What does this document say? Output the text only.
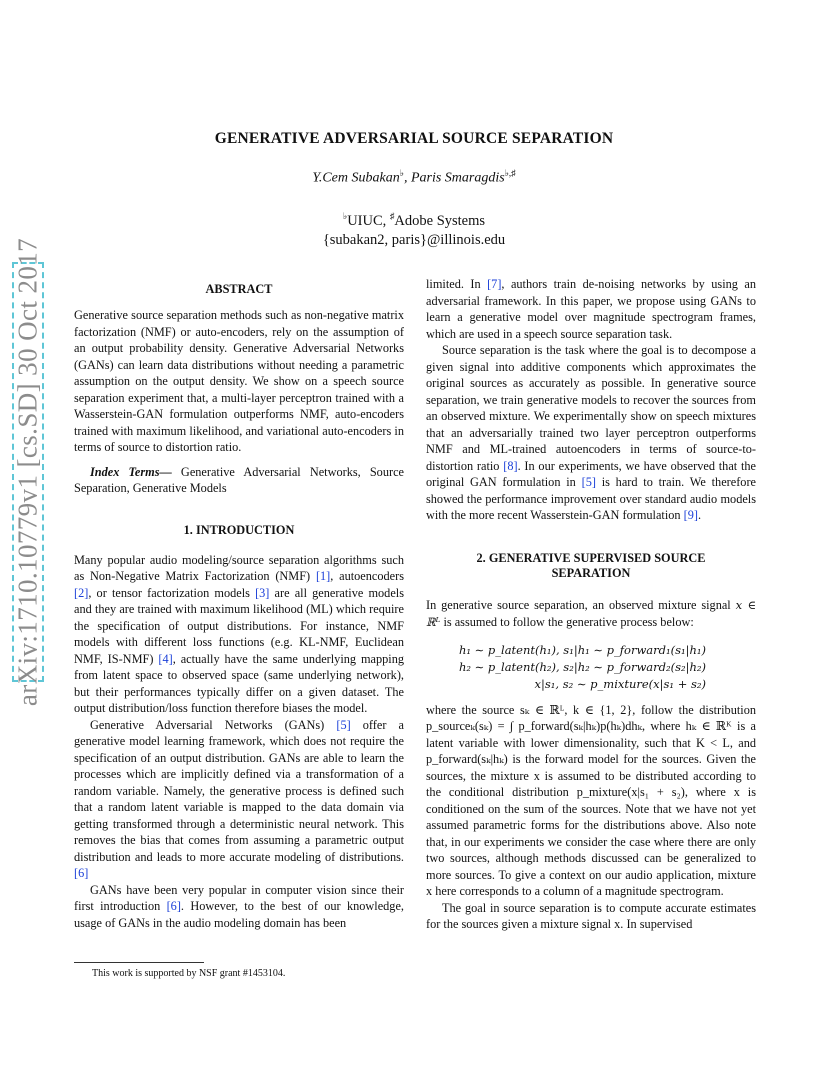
arXiv:1710.10779v1 [cs.SD] 30 Oct 2017
GENERATIVE ADVERSARIAL SOURCE SEPARATION
Y.Cem Subakan♭, Paris Smaragdis♭,♯
♭UIUC, ♯Adobe Systems
{subakan2, paris}@illinois.edu

ABSTRACT

Generative source separation methods such as non-negative matrix factorization (NMF) or auto-encoders, rely on the assumption of an output probability density. Generative Adversarial Networks (GANs) can learn data distributions without needing a parametric assumption on the output density. We show on a speech source separation experiment that, a multi-layer perceptron trained with a Wasserstein-GAN formulation outperforms NMF, auto-encoders trained with maximum likelihood, and variational auto-encoders in terms of source to distortion ratio.

Index Terms— Generative Adversarial Networks, Source Separation, Generative Models

1. INTRODUCTION

Many popular audio modeling/source separation algorithms such as Non-Negative Matrix Factorization (NMF) [1], autoencoders [2], or tensor factorization models [3] are all generative models and they are trained with maximum likelihood (ML) which require the specification of output distributions. For instance, NMF models with different loss functions (e.g. KL-NMF, Euclidean NMF, IS-NMF) [4], actually have the same underlying mapping from latent space to observed space (same underlying network), but their performances typically differ on a given dataset. The output distribution/loss function therefore biases the model.

Generative Adversarial Networks (GANs) [5] offer a generative model learning framework, which does not require the specification of an output distribution. GANs are able to learn the processes which are implicitly defined via a transformation of a random variable. Namely, the generative process is defined such that a random latent variable is mapped to the data domain via getting transformed through a deterministic neural network. This removes the bias that comes from assuming a parametric output distribution and leads to more accurate modeling of distributions. [6]

GANs have been very popular in computer vision since their first introduction [6]. However, to the best of our knowledge, usage of GANs in the audio modeling domain has been

This work is supported by NSF grant #1453104.

limited. In [7], authors train de-noising networks by using an adversarial framework. In this paper, we propose using GANs to learn a generative model over magnitude spectrogram frames, which are used in a speech source separation task.

Source separation is the task where the goal is to decompose a given signal into additive components which approximates the original sources as accurately as possible. In generative source separation, we train generative models to recover the sources from an observed mixture. We experimentally show on speech mixtures that an adversarially trained two layer perceptron outperforms NMF and ML-trained autoencoders in terms of source-to-distortion ratio [8]. In our experiments, we have observed that the original GAN formulation in [5] is hard to train. We therefore showed the performance improvement over standard audio models with the more recent Wasserstein-GAN formulation [9].

2. GENERATIVE SUPERVISED SOURCE

SEPARATION

In generative source separation, an observed mixture signal x ∈ ℝᴸ is assumed to follow the generative process below:

h₁ ∼ p_latent(h₁), s₁|h₁ ∼ p_forward₁(s₁|h₁)
h₂ ∼ p_latent(h₂), s₂|h₂ ∼ p_forward₂(s₂|h₂)
x|s₁, s₂ ∼ p_mixture(x|s₁ + s₂)

where the source sₖ ∈ ℝᴸ, k ∈ {1, 2}, follow the distribution p_sourceₖ(sₖ) = ∫ p_forward(sₖ|hₖ)p(hₖ)dhₖ, where hₖ ∈ ℝᴷ is a latent variable with lower dimensionality, such that K < L, and p_forward(sₖ|hₖ) is the forward model for the sources. Given the sources, the mixture x is assumed to be distributed according to the conditional distribution p_mixture(x|s₁ + s₂), where x is conditioned on the sum of the sources. Note that we have not yet assumed parametric forms for the distributions above. Also note that, in our experiments we consider the case where there are only two sources, although methods discussed can be generalized to more sources. To give a context on our audio application, mixture x here corresponds to a column of a magnitude spectrogram.

The goal in source separation is to compute accurate estimates for the sources given a mixture signal x. In supervised
